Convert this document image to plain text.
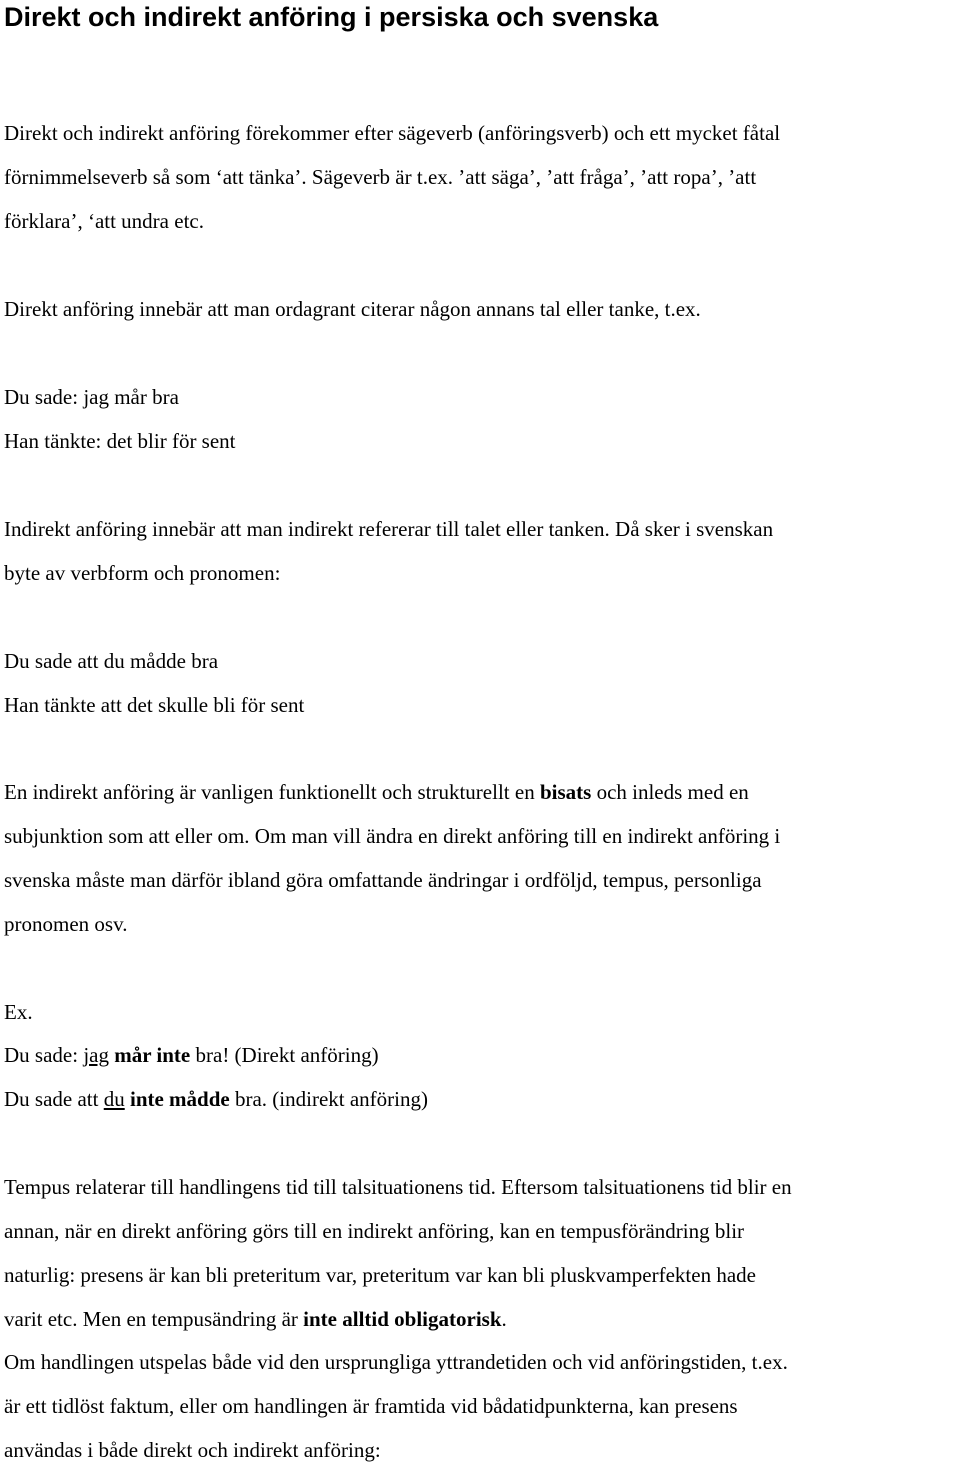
Direkt och indirekt anföring i persiska och svenska
Direkt och indirekt anföring förekommer efter sägeverb (anföringsverb) och ett mycket fåtal
förnimmelseverb så som ‘att tänka’. Sägeverb är t.ex. ’att säga’, ’att fråga’, ’att ropa’, ’att
förklara’, ‘att undra etc.
Direkt anföring innebär att man ordagrant citerar någon annans tal eller tanke, t.ex.
Du sade: jag mår bra
Han tänkte: det blir för sent
Indirekt anföring innebär att man indirekt refererar till talet eller tanken. Då sker i svenskan
byte av verbform och pronomen:
Du sade att du mådde bra
Han tänkte att det skulle bli för sent
En indirekt anföring är vanligen funktionellt och strukturellt en bisats och inleds med en
subjunktion som att eller om. Om man vill ändra en direkt anföring till en indirekt anföring i
svenska måste man därför ibland göra omfattande ändringar i ordföljd, tempus, personliga
pronomen osv.
Ex.
Du sade: jag mår inte bra! (Direkt anföring)
Du sade att du inte mådde bra. (indirekt anföring)
Tempus relaterar till handlingens tid till talsituationens tid. Eftersom talsituationens tid blir en
annan, när en direkt anföring görs till en indirekt anföring, kan en tempusförändring blir
naturlig: presens är kan bli preteritum var, preteritum var kan bli pluskvamperfekten hade
varit etc. Men en tempusändring är inte alltid obligatorisk.
Om handlingen utspelas både vid den ursprungliga yttrandetiden och vid anföringstiden, t.ex.
är ett tidlöst faktum, eller om handlingen är framtida vid bådatidpunkterna, kan presens
användas i både direkt och indirekt anföring:
